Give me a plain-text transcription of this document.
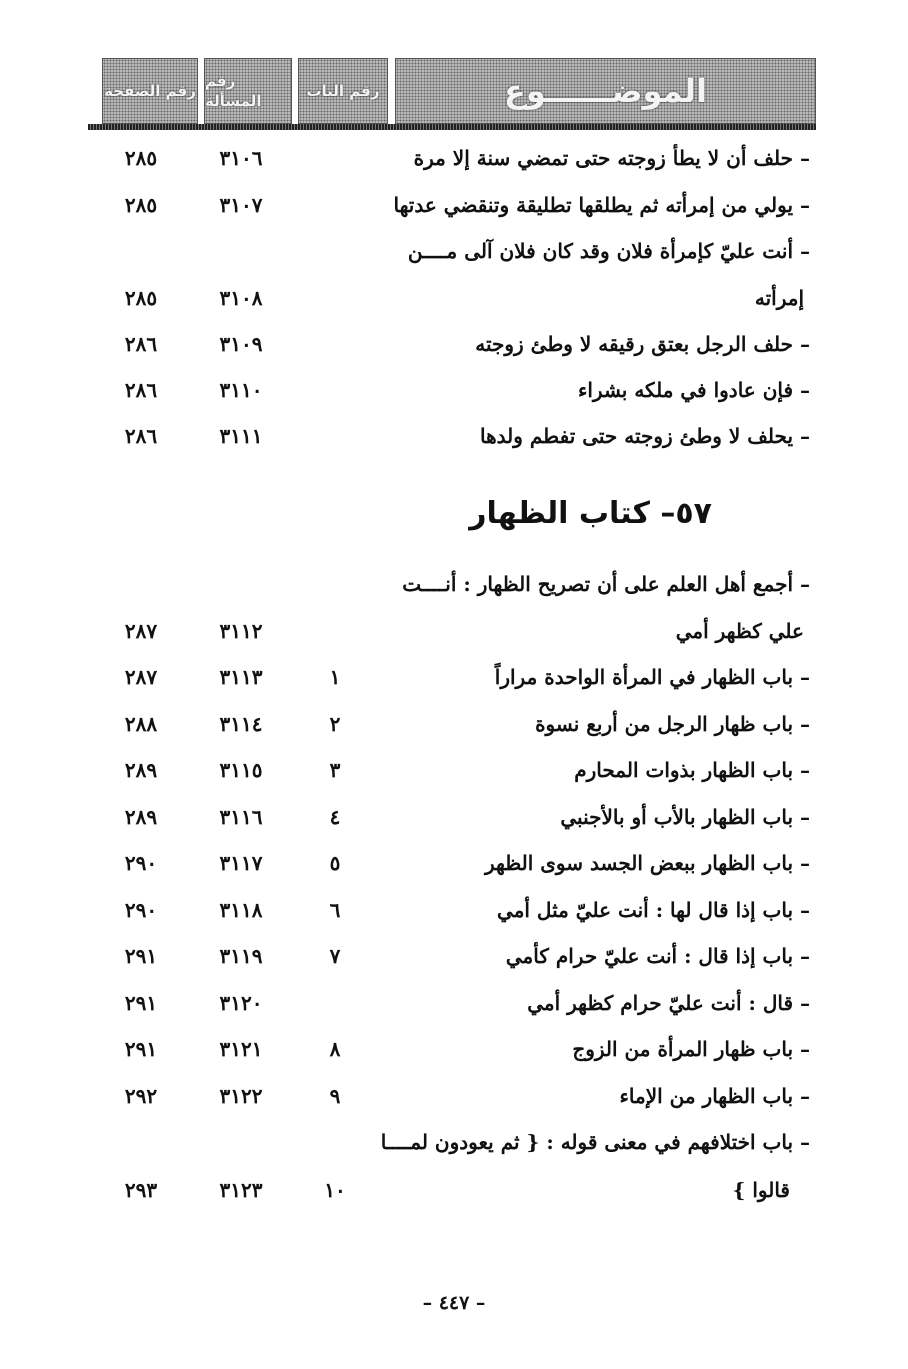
الموضــــــوع
رقم الباب
رقم المسألة
رقم الصفحة
– حلف أن لا يطأ زوجته حتى تمضي سنة إلا مرة
٣١٠٦
٢٨٥
– يولي من إمرأته ثم يطلقها تطليقة وتنقضي عدتها
٣١٠٧
٢٨٥
– أنت عليّ كإمرأة فلان وقد كان فلان آلى مــــن
إمرأته
٣١٠٨
٢٨٥
– حلف الرجل بعتق رقيقه لا وطئ زوجته
٣١٠٩
٢٨٦
– فإن عادوا في ملكه بشراء
٣١١٠
٢٨٦
– يحلف لا وطئ زوجته حتى تفطم ولدها
٣١١١
٢٨٦
٥٧– كتاب الظهار
– أجمع أهل العلم على أن تصريح الظهار : أنــــت
علي كظهر أمي
٣١١٢
٢٨٧
– باب الظهار في المرأة الواحدة مراراً
١
٣١١٣
٢٨٧
– باب ظهار الرجل من أربع نسوة
٢
٣١١٤
٢٨٨
– باب الظهار بذوات المحارم
٣
٣١١٥
٢٨٩
– باب الظهار بالأب أو بالأجنبي
٤
٣١١٦
٢٨٩
– باب الظهار ببعض الجسد سوى الظهر
٥
٣١١٧
٢٩٠
– باب إذا قال لها : أنت عليّ مثل أمي
٦
٣١١٨
٢٩٠
– باب إذا قال : أنت عليّ حرام كأمي
٧
٣١١٩
٢٩١
– قال : أنت عليّ حرام كظهر أمي
٣١٢٠
٢٩١
– باب ظهار المرأة من الزوج
٨
٣١٢١
٢٩١
– باب الظهار من الإماء
٩
٣١٢٢
٢٩٢
– باب اختلافهم في معنى قوله : { ثم يعودون لمــــا
قالوا }
١٠
٣١٢٣
٢٩٣
– ٤٤٧ –
